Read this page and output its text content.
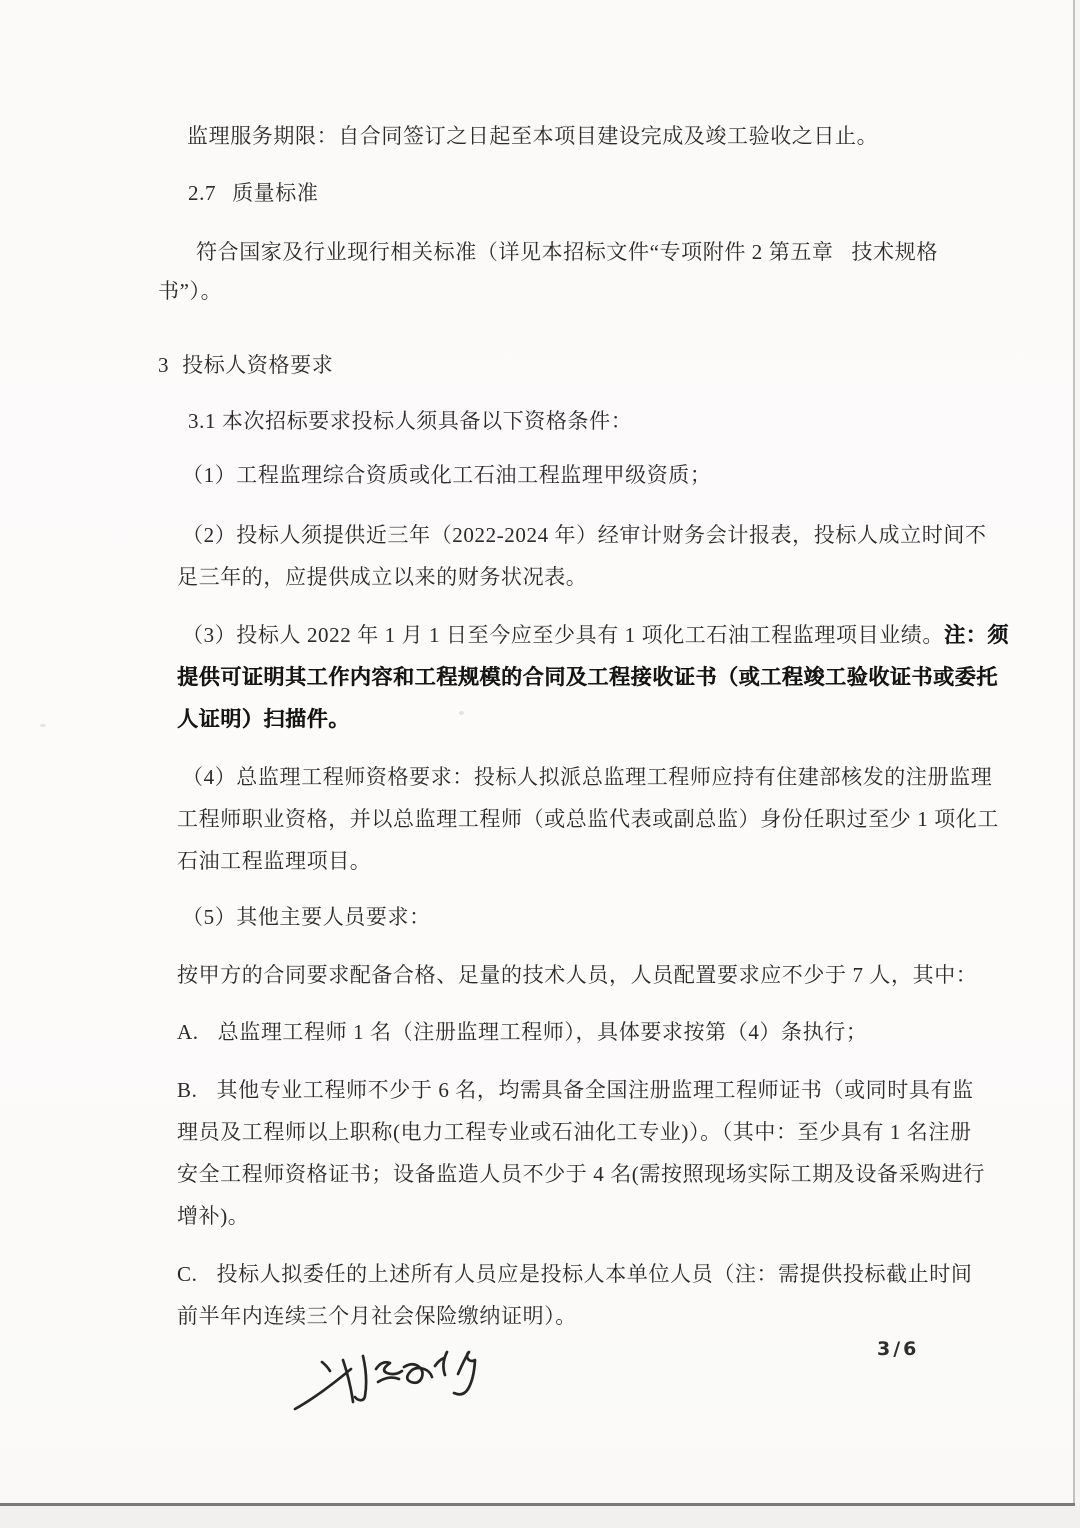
监理服务期限：自合同签订之日起至本项目建设完成及竣工验收之日止。
2.7 质量标准
符合国家及行业现行相关标准（详见本招标文件“专项附件 2 第五章 技术规格
书”）。
3 投标人资格要求
3.1 本次招标要求投标人须具备以下资格条件：
（1）工程监理综合资质或化工石油工程监理甲级资质；
（2）投标人须提供近三年（2022-2024 年）经审计财务会计报表，投标人成立时间不
足三年的，应提供成立以来的财务状况表。
（3）投标人 2022 年 1 月 1 日至今应至少具有 1 项化工石油工程监理项目业绩。注：须
提供可证明其工作内容和工程规模的合同及工程接收证书（或工程竣工验收证书或委托
人证明）扫描件。
（4）总监理工程师资格要求：投标人拟派总监理工程师应持有住建部核发的注册监理
工程师职业资格，并以总监理工程师（或总监代表或副总监）身份任职过至少 1 项化工
石油工程监理项目。
（5）其他主要人员要求：
按甲方的合同要求配备合格、足量的技术人员，人员配置要求应不少于 7 人，其中：
A. 总监理工程师 1 名（注册监理工程师），具体要求按第（4）条执行；
B. 其他专业工程师不少于 6 名，均需具备全国注册监理工程师证书（或同时具有监
理员及工程师以上职称(电力工程专业或石油化工专业)）。（其中：至少具有 1 名注册
安全工程师资格证书；设备监造人员不少于 4 名(需按照现场实际工期及设备采购进行
增补)。
C. 投标人拟委任的上述所有人员应是投标人本单位人员（注：需提供投标截止时间
前半年内连续三个月社会保险缴纳证明）。
3/6
